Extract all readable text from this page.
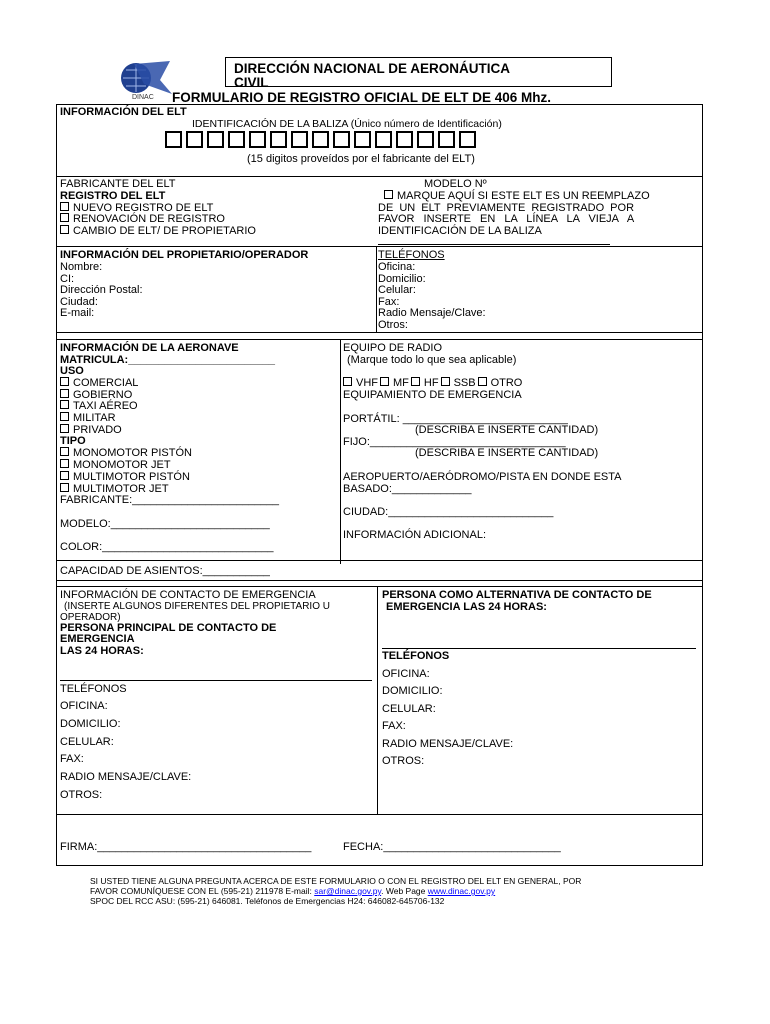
DINAC
DIRECCIÓN NACIONAL DE AERONÁUTICA
CIVIL
FORMULARIO DE REGISTRO OFICIAL DE ELT DE 406 Mhz.
INFORMACIÓN DEL ELT
IDENTIFICACIÓN DE LA BALIZA (Único número de Identificación)
(15 digitos proveídos por el fabricante del ELT)
FABRICANTE DEL ELT	MODELO Nº
REGISTRO DEL ELT
NUEVO REGISTRO DE ELT
RENOVACIÓN DE REGISTRO
CAMBIO DE ELT/ DE PROPIETARIO
MARQUE AQUÍ SI ESTE ELT ES UN REEMPLAZO
DE UN ELT PREVIAMENTE REGISTRADO POR
FAVOR INSERTE EN LA LÍNEA LA VIEJA A
IDENTIFICACIÓN DE LA BALIZA
INFORMACIÓN DEL PROPIETARIO/OPERADOR
Nombre:
CI:
Dirección Postal:
Ciudad:
E-mail:
TELÉFONOS
Oficina:
Domicilio:
Celular:
Fax:
Radio Mensaje/Clave:
Otros:
INFORMACIÓN DE LA AERONAVE
MATRICULA:________________________
USO
COMERCIAL
GOBIERNO
TAXI AÉREO
MILITAR
PRIVADO
TIPO
MONOMOTOR PISTÓN
MONOMOTOR JET
MULTIMOTOR PISTÓN
MULTIMOTOR JET
FABRICANTE:________________________
MODELO:__________________________
COLOR:____________________________
CAPACIDAD DE ASIENTOS:___________
EQUIPO DE RADIO
(Marque todo lo que sea aplicable)
VHF MF HF SSB OTRO
EQUIPAMIENTO DE EMERGENCIA
PORTÁTIL: ___________________________
(DESCRIBA E INSERTE CANTIDAD)
FIJO:________________________________
(DESCRIBA E INSERTE CANTIDAD)
AEROPUERTO/AERÓDROMO/PISTA EN DONDE ESTA
BASADO:_____________
CIUDAD:___________________________
INFORMACIÓN ADICIONAL:
INFORMACIÓN DE CONTACTO DE EMERGENCIA
(INSERTE ALGUNOS DIFERENTES DEL PROPIETARIO U
OPERADOR)
PERSONA PRINCIPAL DE CONTACTO DE
EMERGENCIA
LAS 24 HORAS:
TELÉFONOS
OFICINA:
DOMICILIO:
CELULAR:
FAX:
RADIO MENSAJE/CLAVE:
OTROS:
PERSONA COMO ALTERNATIVA DE CONTACTO DE
EMERGENCIA LAS 24 HORAS:
TELÉFONOS
OFICINA:
DOMICILIO:
CELULAR:
FAX:
RADIO MENSAJE/CLAVE:
OTROS:
FIRMA:___________________________________	FECHA:_____________________________
SI USTED TIENE ALGUNA PREGUNTA ACERCA DE ESTE FORMULARIO O CON EL REGISTRO DEL ELT EN GENERAL, POR
FAVOR COMUNÍQUESE CON EL (595-21) 211978 E-mail: sar@dinac.gov.py. Web Page www.dinac.gov.py
SPOC DEL RCC ASU: (595-21) 646081. Teléfonos de Emergencias H24: 646082-645706-132
